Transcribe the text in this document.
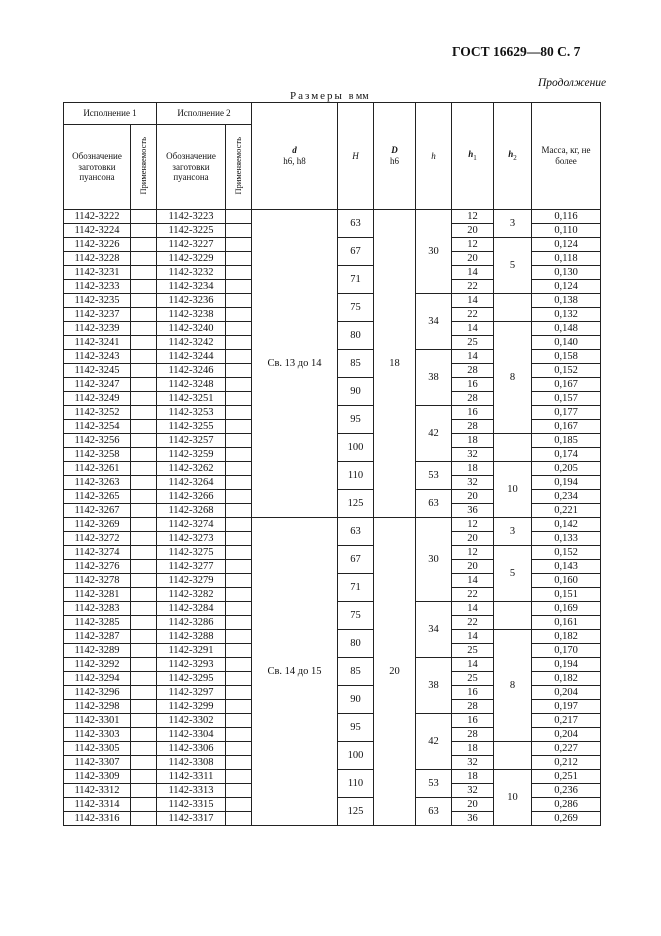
ГОСТ 16629—80 С. 7
Продолжение
Размеры в мм
Исполнение 1		Исполнение 2		d
h6, h8	H	D
h6	h	$h_1$	$h_2$	Масса, кг, не более
Обозначение заготовки пуансона	Применяемость	Обозначение заготовки пуансона	Применяемость							
1142-3222		1142-3223		Св. 13 до 14	63	18	30	12	3	0,116
1142-3224		1142-3225						20		0,110
1142-3226		1142-3227			67			12	5	0,124
1142-3228		1142-3229						20		0,118
1142-3231		1142-3232			71			14		0,130
1142-3233		1142-3234						22		0,124
1142-3235		1142-3236			75		34	14		0,138
1142-3237		1142-3238						22		0,132
1142-3239		1142-3240			80			14	8	0,148
1142-3241		1142-3242						25		0,140
1142-3243		1142-3244			85		38	14		0,158
1142-3245		1142-3246						28		0,152
1142-3247		1142-3248			90			16		0,167
1142-3249		1142-3251						28		0,157
1142-3252		1142-3253			95		42	16		0,177
1142-3254		1142-3255						28		0,167
1142-3256		1142-3257			100			18		0,185
1142-3258		1142-3259						32		0,174
1142-3261		1142-3262			110		53	18	10	0,205
1142-3263		1142-3264						32		0,194
1142-3265		1142-3266			125		63	20		0,234
1142-3267		1142-3268						36		0,221
1142-3269		1142-3274		Св. 14 до 15	63	20	30	12	3	0,142
1142-3272		1142-3273						20		0,133
1142-3274		1142-3275			67			12	5	0,152
1142-3276		1142-3277						20		0,143
1142-3278		1142-3279			71			14		0,160
1142-3281		1142-3282						22		0,151
1142-3283		1142-3284			75		34	14		0,169
1142-3285		1142-3286						22		0,161
1142-3287		1142-3288			80			14	8	0,182
1142-3289		1142-3291						25		0,170
1142-3292		1142-3293			85		38	14		0,194
1142-3294		1142-3295						25		0,182
1142-3296		1142-3297			90			16		0,204
1142-3298		1142-3299						28		0,197
1142-3301		1142-3302			95		42	16		0,217
1142-3303		1142-3304						28		0,204
1142-3305		1142-3306			100			18		0,227
1142-3307		1142-3308						32		0,212
1142-3309		1142-3311			110		53	18	10	0,251
1142-3312		1142-3313						32		0,236
1142-3314		1142-3315			125		63	20		0,286
1142-3316		1142-3317						36		0,269
